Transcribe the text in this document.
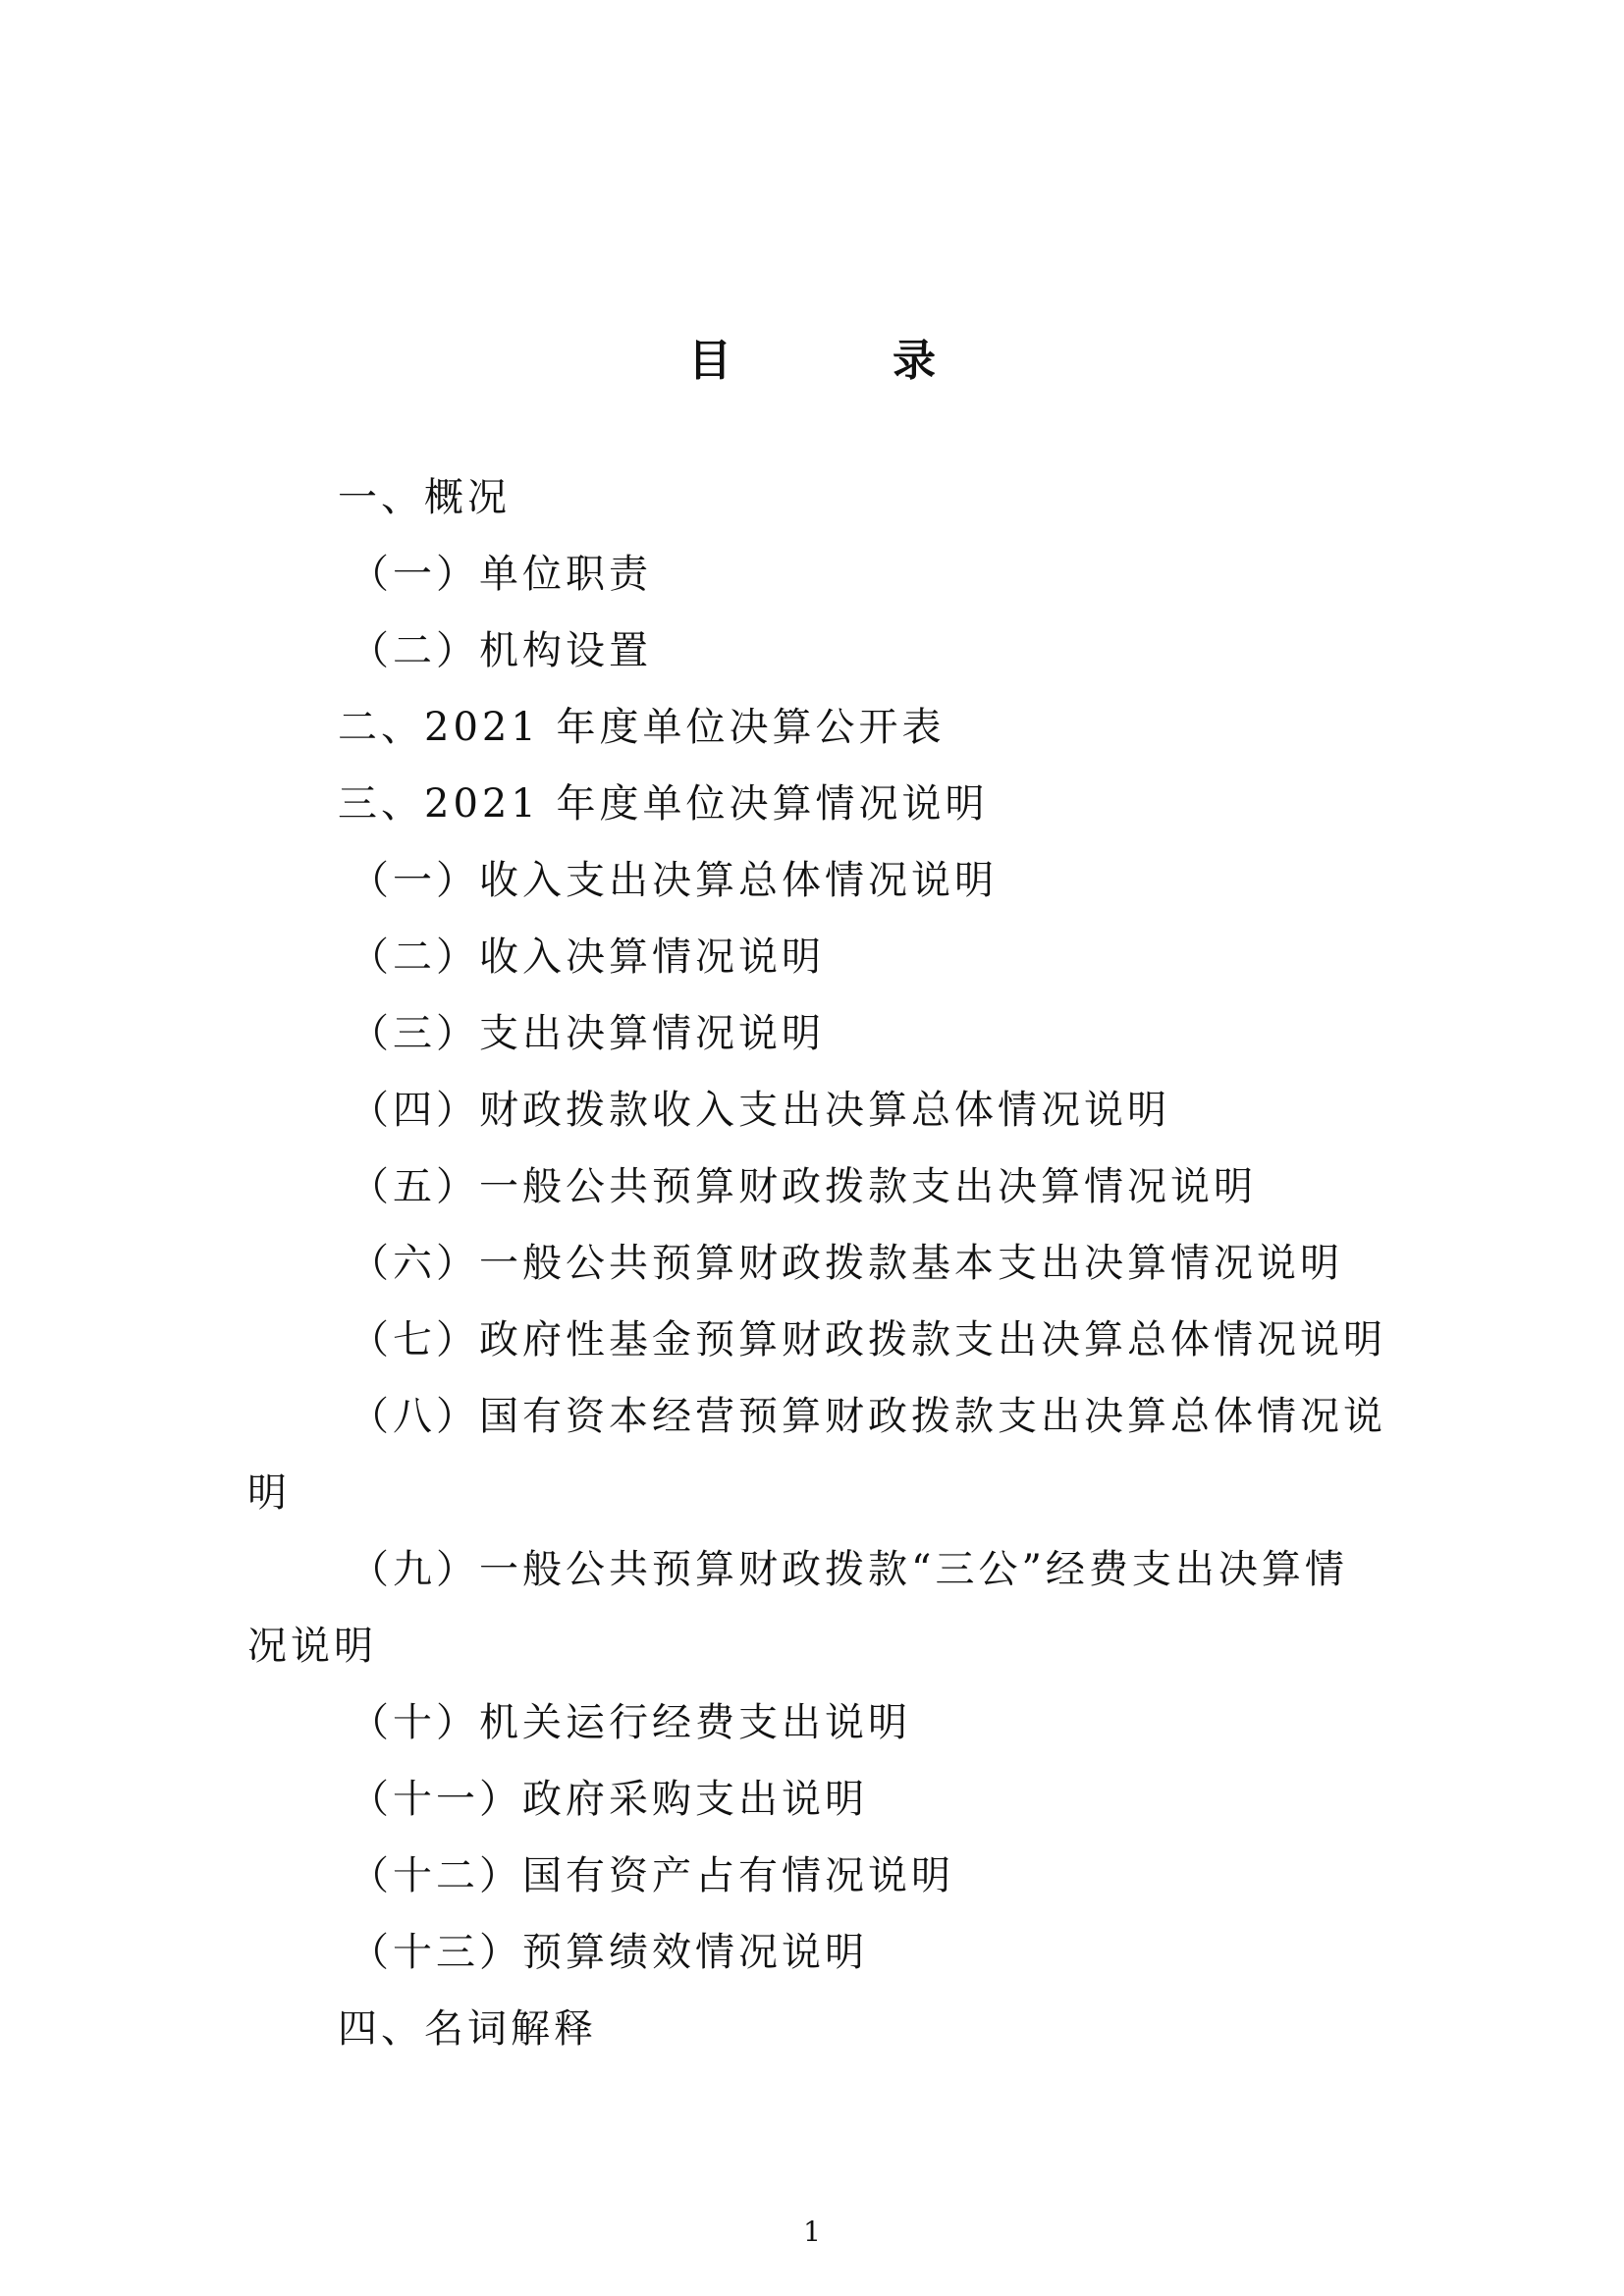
目　录
一、概况
（一）单位职责
（二）机构设置
二、2021 年度单位决算公开表
三、2021 年度单位决算情况说明
（一）收入支出决算总体情况说明
（二）收入决算情况说明
（三）支出决算情况说明
（四）财政拨款收入支出决算总体情况说明
（五）一般公共预算财政拨款支出决算情况说明
（六）一般公共预算财政拨款基本支出决算情况说明
（七）政府性基金预算财政拨款支出决算总体情况说明
（八）国有资本经营预算财政拨款支出决算总体情况说
明
（九）一般公共预算财政拨款“三公”经费支出决算情
况说明
（十）机关运行经费支出说明
（十一）政府采购支出说明
（十二）国有资产占有情况说明
（十三）预算绩效情况说明
四、名词解释
1
